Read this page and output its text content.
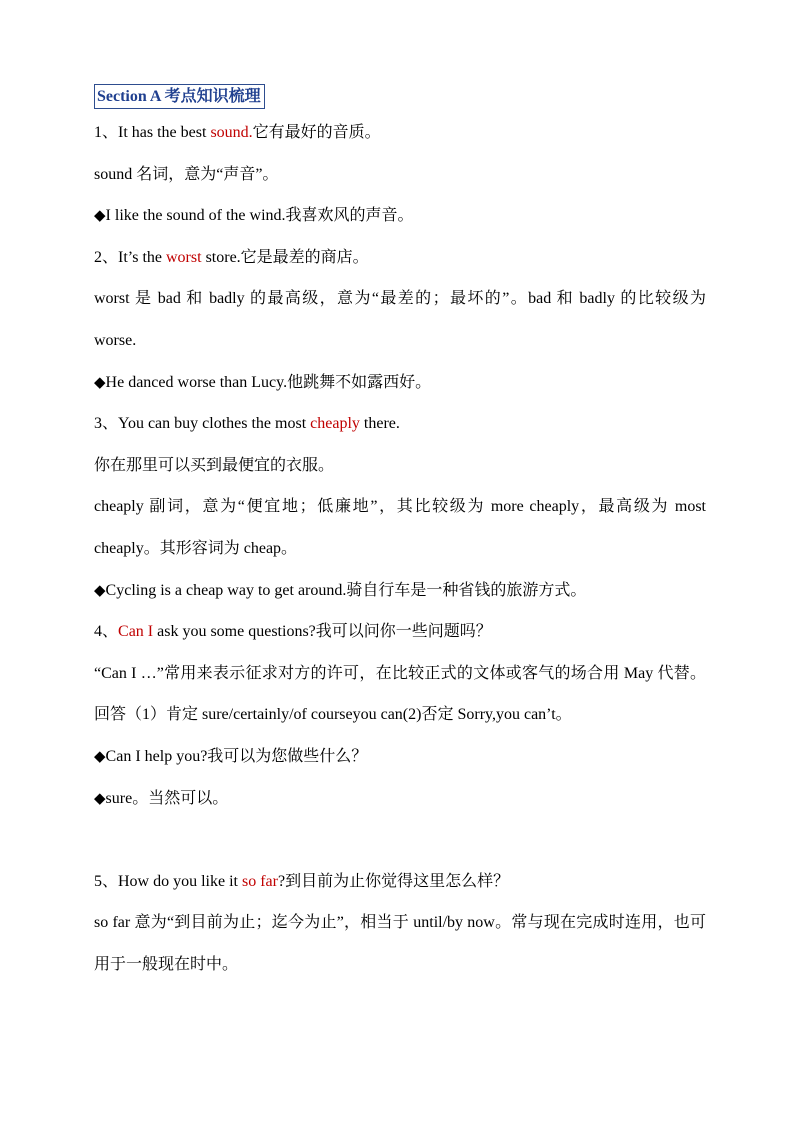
Section A 考点知识梳理
1、It has the best sound.它有最好的音质。
sound 名词，意为“声音”。
◆I like the sound of the wind.我喜欢风的声音。
2、It’s the worst store.它是最差的商店。
worst 是 bad 和 badly 的最高级，意为“最差的；最坏的”。bad 和 badly 的比较级为 worse.
◆He danced worse than Lucy.他跳舞不如露西好。
3、You can buy clothes the most cheaply there.
你在那里可以买到最便宜的衣服。
cheaply 副词，意为“便宜地；低廉地”，其比较级为 more cheaply，最高级为 most cheaply。其形容词为 cheap。
◆Cycling is a cheap way to get around.骑自行车是一种省钱的旅游方式。
4、Can I ask you some questions?我可以问你一些问题吗？
“Can I …”常用来表示征求对方的许可，在比较正式的文体或客气的场合用 May 代替。回答（1）肯定 sure/certainly/of courseyou can(2)否定 Sorry,you can’t。
◆Can I help you?我可以为您做些什么？
◆sure。当然可以。
5、How do you like it so far?到目前为止你觉得这里怎么样？
so far 意为“到目前为止；迄今为止”，相当于 until/by now。常与现在完成时连用，也可用于一般现在时中。
